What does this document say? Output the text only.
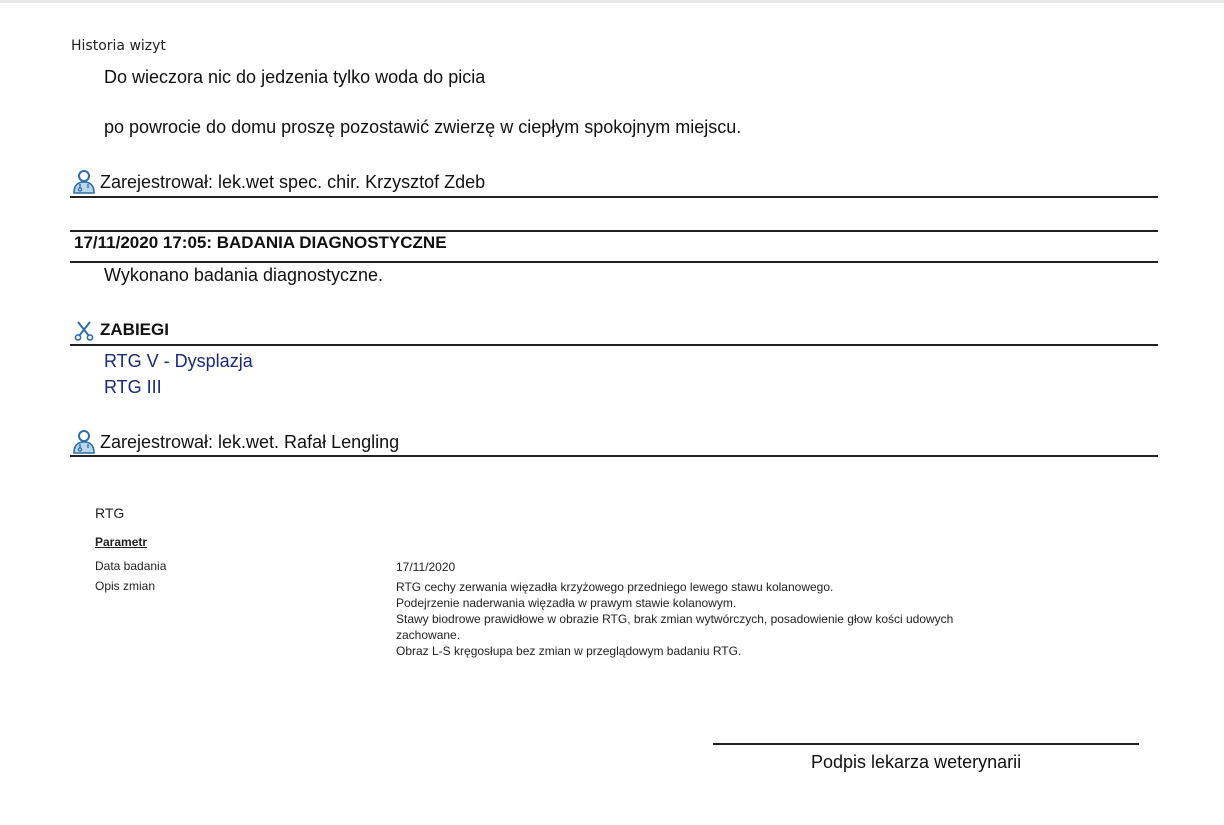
Historia wizyt
Do wieczora nic do jedzenia tylko woda do picia
po powrocie do domu proszę pozostawić zwierzę w ciepłym spokojnym miejscu.
Zarejestrował: lek.wet spec. chir. Krzysztof Zdeb
17/11/2020 17:05: BADANIA DIAGNOSTYCZNE
Wykonano badania diagnostyczne.
ZABIEGI
RTG V - Dysplazja
RTG III
Zarejestrował: lek.wet. Rafał Lengling
RTG
Parametr
Data badania	17/11/2020
Opis zmian	RTG cechy zerwania więzadła krzyżowego przedniego lewego stawu kolanowego.
Podejrzenie naderwania więzadła w prawym stawie kolanowym.
Stawy biodrowe prawidłowe w obrazie RTG, brak zmian wytwórczych, posadowienie głow kości udowych
zachowane.
Obraz L-S kręgosłupa bez zmian w przeglądowym badaniu RTG.
Podpis lekarza weterynarii
